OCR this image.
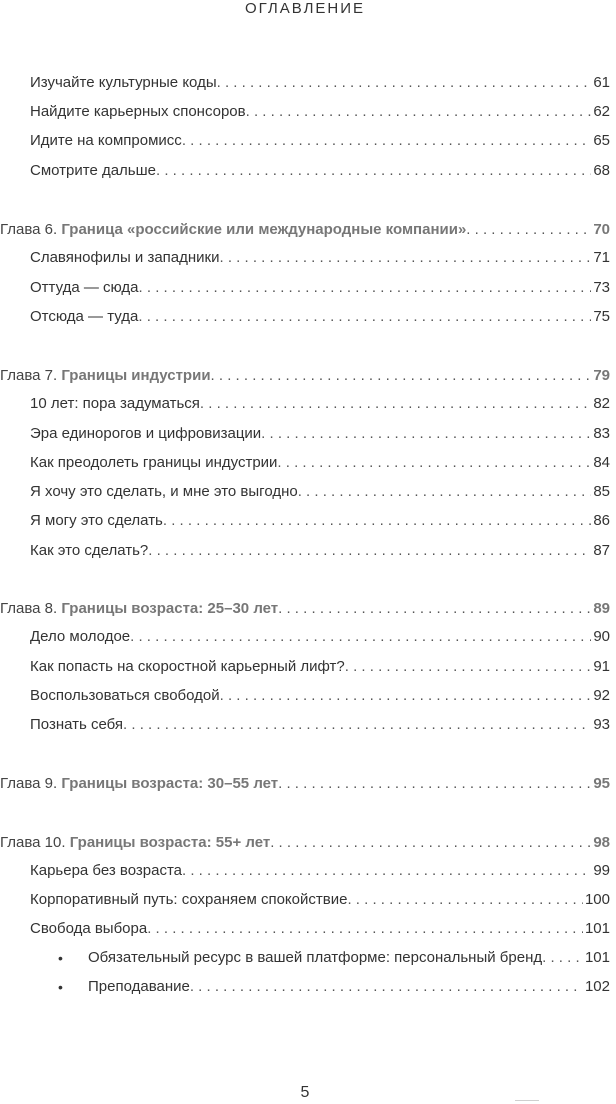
ОГЛАВЛЕНИЕ
Изучайте культурные коды . . .	61
Найдите карьерных спонсоров . . .	62
Идите на компромисс . . .	65
Смотрите дальше . . .	68
Глава 6. Граница «российские или международные компании» . . .	70
Славянофилы и западники . . .	71
Оттуда — сюда . . .	73
Отсюда — туда . . .	75
Глава 7. Границы индустрии . . .	79
10 лет: пора задуматься . . .	82
Эра единорогов и цифровизации . . .	83
Как преодолеть границы индустрии . . .	84
Я хочу это сделать, и мне это выгодно . . .	85
Я могу это сделать . . .	86
Как это сделать? . . .	87
Глава 8. Границы возраста: 25–30 лет . . .	89
Дело молодое . . .	90
Как попасть на скоростной карьерный лифт? . . .	91
Воспользоваться свободой . . .	92
Познать себя . . .	93
Глава 9. Границы возраста: 30–55 лет . . .	95
Глава 10. Границы возраста: 55+ лет . . .	98
Карьера без возраста . . .	99
Корпоративный путь: сохраняем спокойствие . . .	100
Свобода выбора . . .	101
• Обязательный ресурс в вашей платформе: персональный бренд . . .	101
• Преподавание . . .	102
5
